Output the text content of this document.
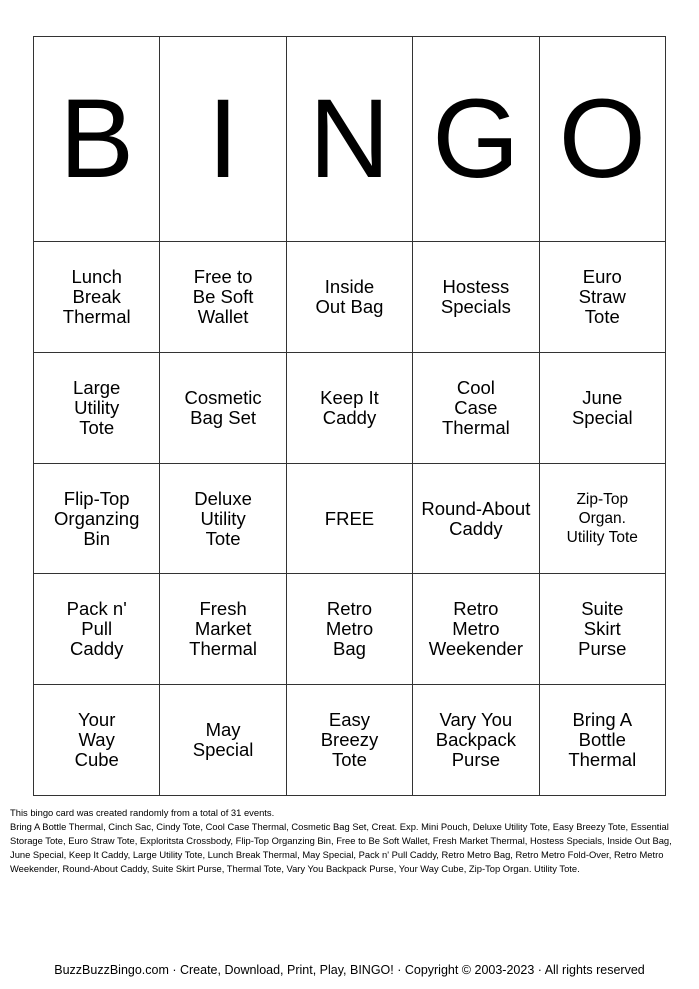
B	I	N	G	O

Lunch
Break
Thermal	Free to
Be Soft
Wallet	Inside
Out Bag	Hostess
Specials	Euro
Straw
Tote

Large
Utility
Tote	Cosmetic
Bag Set	Keep It
Caddy	Cool
Case
Thermal	June
Special

Flip-Top
Organzing
Bin	Deluxe
Utility
Tote	FREE	Round-About
Caddy	Zip-Top
Organ.
Utility Tote

Pack n'
Pull
Caddy	Fresh
Market
Thermal	Retro
Metro
Bag	Retro
Metro
Weekender	Suite
Skirt
Purse

Your
Way
Cube	May
Special	Easy
Breezy
Tote	Vary You
Backpack
Purse	Bring A
Bottle
Thermal

This bingo card was created randomly from a total of 31 events.

Bring A Bottle Thermal, Cinch Sac, Cindy Tote, Cool Case Thermal, Cosmetic Bag Set, Creat. Exp. Mini Pouch, Deluxe Utility Tote, Easy Breezy Tote, Essential Storage Tote, Euro Straw Tote, Exploritsta Crossbody, Flip-Top Organzing Bin, Free to Be Soft Wallet, Fresh Market Thermal, Hostess Specials, Inside Out Bag, June Special, Keep It Caddy, Large Utility Tote, Lunch Break Thermal, May Special, Pack n' Pull Caddy, Retro Metro Bag, Retro Metro Fold-Over, Retro Metro Weekender, Round-About Caddy, Suite Skirt Purse, Thermal Tote, Vary You Backpack Purse, Your Way Cube, Zip-Top Organ. Utility Tote.

BuzzBuzzBingo.com · Create, Download, Print, Play, BINGO! · Copyright © 2003-2023 · All rights reserved
